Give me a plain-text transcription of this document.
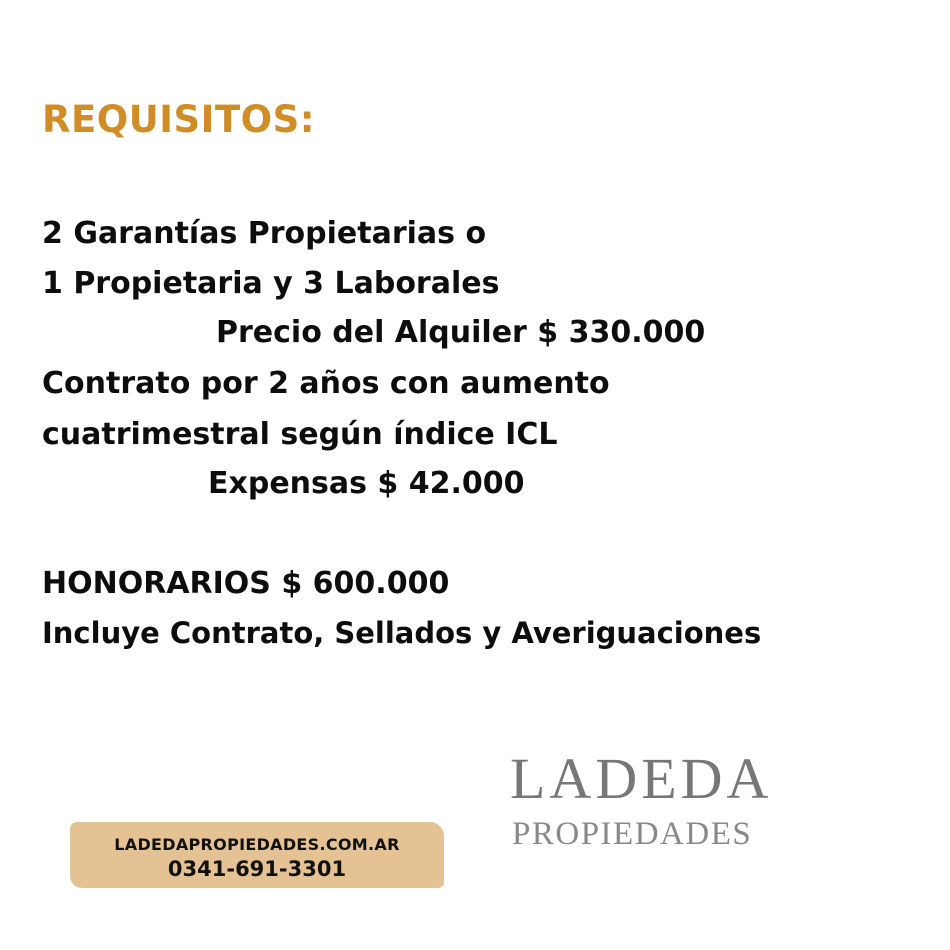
REQUISITOS:

2 Garantías Propietarias o

1 Propietaria y 3 Laborales

Precio del Alquiler $ 330.000

Contrato por 2 años con aumento

cuatrimestral según índice ICL

Expensas $ 42.000

HONORARIOS $ 600.000

Incluye Contrato, Sellados y Averiguaciones

LADEDA
PROPIEDADES
LADEDAPROPIEDADES.COM.AR
0341-691-3301
